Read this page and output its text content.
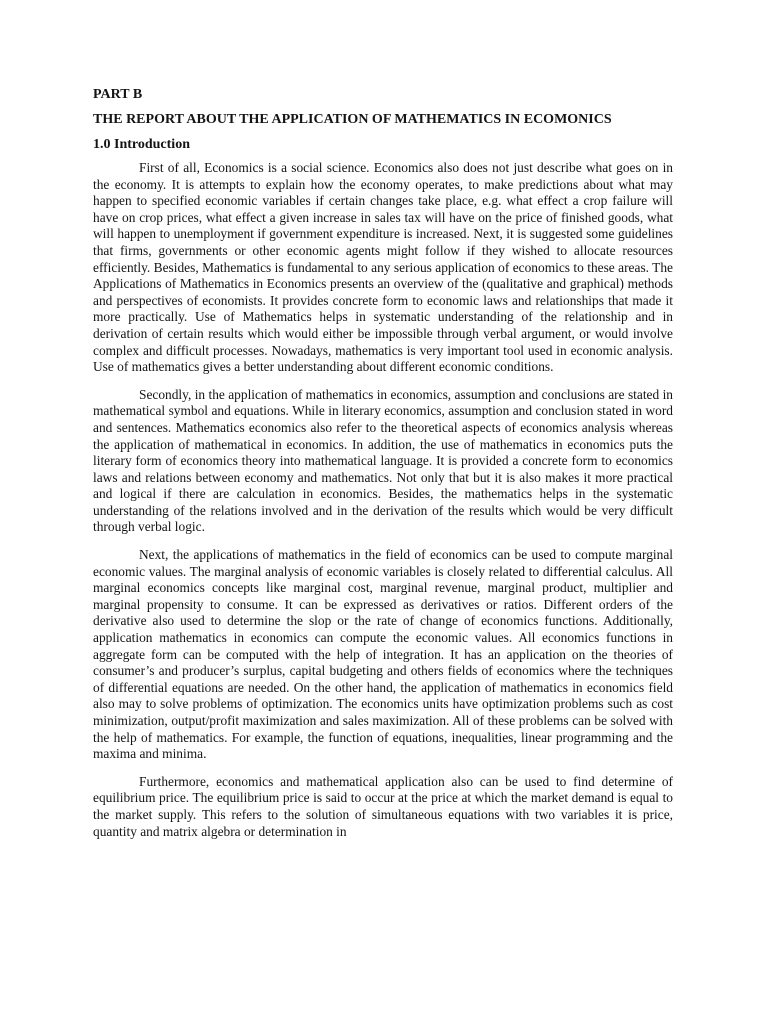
PART B
THE REPORT ABOUT THE APPLICATION OF MATHEMATICS IN ECOMONICS
1.0 Introduction

First of all, Economics is a social science. Economics also does not just describe what goes on in the economy. It is attempts to explain how the economy operates, to make predictions about what may happen to specified economic variables if certain changes take place, e.g. what effect a crop failure will have on crop prices, what effect a given increase in sales tax will have on the price of finished goods, what will happen to unemployment if government expenditure is increased. Next, it is suggested some guidelines that firms, governments or other economic agents might follow if they wished to allocate resources efficiently. Besides, Mathematics is fundamental to any serious application of economics to these areas. The Applications of Mathematics in Economics presents an overview of the (qualitative and graphical) methods and perspectives of economists. It provides concrete form to economic laws and relationships that made it more practically. Use of Mathematics helps in systematic understanding of the relationship and in derivation of certain results which would either be impossible through verbal argument, or would involve complex and difficult processes. Nowadays, mathematics is very important tool used in economic analysis. Use of mathematics gives a better understanding about different economic conditions.

Secondly, in the application of mathematics in economics, assumption and conclusions are stated in mathematical symbol and equations. While in literary economics, assumption and conclusion stated in word and sentences. Mathematics economics also refer to the theoretical aspects of economics analysis whereas the application of mathematical in economics. In addition, the use of mathematics in economics puts the literary form of economics theory into mathematical language. It is provided a concrete form to economics laws and relations between economy and mathematics. Not only that but it is also makes it more practical and logical if there are calculation in economics. Besides, the mathematics helps in the systematic understanding of the relations involved and in the derivation of the results which would be very difficult through verbal logic.

Next, the applications of mathematics in the field of economics can be used to compute marginal economic values. The marginal analysis of economic variables is closely related to differential calculus. All marginal economics concepts like marginal cost, marginal revenue, marginal product, multiplier and marginal propensity to consume. It can be expressed as derivatives or ratios. Different orders of the derivative also used to determine the slop or the rate of change of economics functions. Additionally, application mathematics in economics can compute the economic values. All economics functions in aggregate form can be computed with the help of integration. It has an application on the theories of consumer’s and producer’s surplus, capital budgeting and others fields of economics where the techniques of differential equations are needed. On the other hand, the application of mathematics in economics field also may to solve problems of optimization. The economics units have optimization problems such as cost minimization, output/profit maximization and sales maximization. All of these problems can be solved with the help of mathematics. For example, the function of equations, inequalities, linear programming and the maxima and minima.

Furthermore, economics and mathematical application also can be used to find determine of equilibrium price. The equilibrium price is said to occur at the price at which the market demand is equal to the market supply. This refers to the solution of simultaneous equations with two variables it is price, quantity and matrix algebra or determination in
